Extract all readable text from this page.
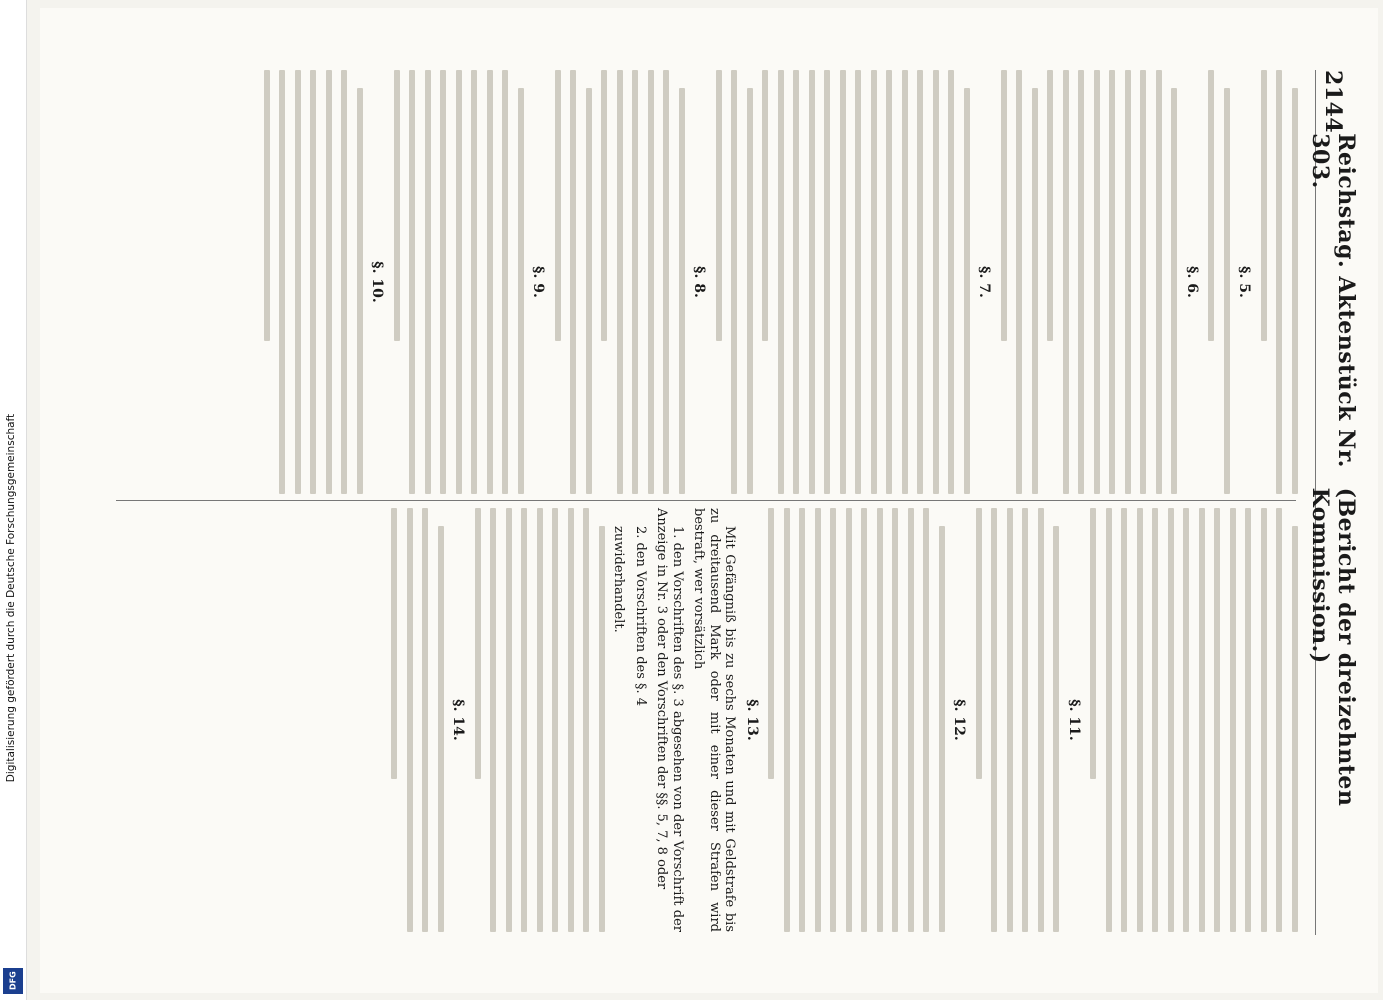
Digitalisierung gefördert durch die Deutsche Forschungsgemeinschaft
DFG
2144
Reichstag. Aktenstück Nr. 303.
(Bericht der dreizehnten Kommission.)
§. 5.
§. 6.
§. 7.
§. 8.
§. 9.
§. 10.
§. 11.
§. 12.
§. 13.

Mit Gefängniß bis zu sechs Monaten und mit Geldstrafe bis zu dreitausend Mark oder mit einer dieser Strafen wird bestraft, wer vorsätzlich

1. den Vorschriften des §. 3 abgesehen von der Vorschrift der Anzeige in Nr. 3 oder den Vorschriften der §§. 5, 7, 8 oder

2. den Vorschriften des §. 4

zuwiderhandelt.

§. 14.
